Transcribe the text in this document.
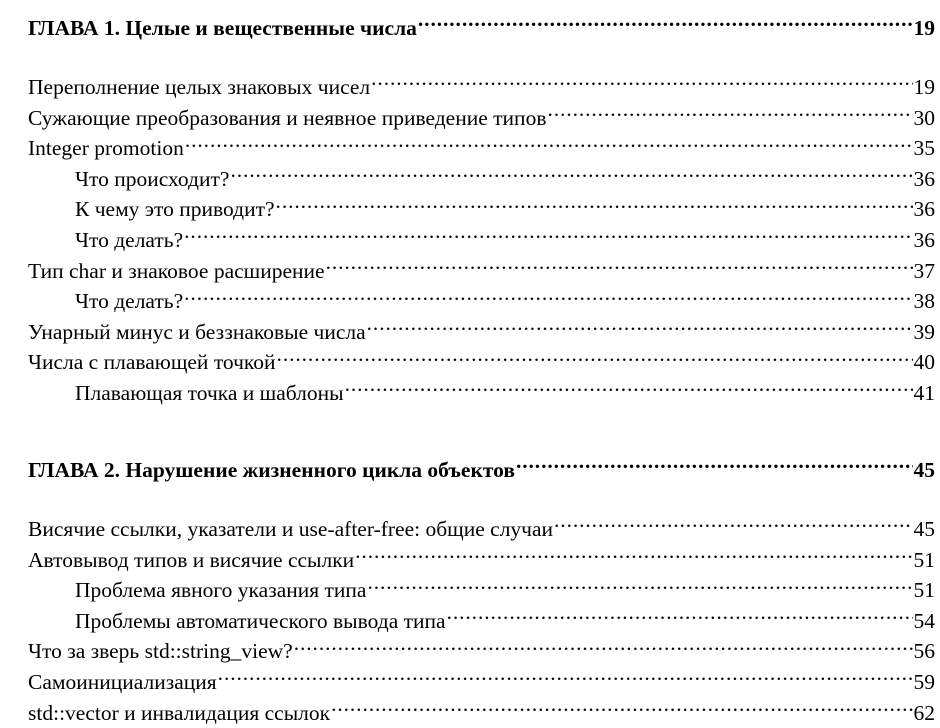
ГЛАВА 1. Целые и вещественные числа .....	19
Переполнение целых знаковых чисел .....	19
Сужающие преобразования и неявное приведение типов .....	30
Integer promotion .....	35
Что происходит? .....	36
К чему это приводит? .....	36
Что делать? .....	36
Тип char и знаковое расширение .....	37
Что делать? .....	38
Унарный минус и беззнаковые числа .....	39
Числа с плавающей точкой .....	40
Плавающая точка и шаблоны .....	41
ГЛАВА 2. Нарушение жизненного цикла объектов .....	45
Висячие ссылки, указатели и use-after-free: общие случаи .....	45
Автовывод типов и висячие ссылки .....	51
Проблема явного указания типа .....	51
Проблемы автоматического вывода типа .....	54
Что за зверь std::string_view? .....	56
Самоинициализация .....	59
std::vector и инвалидация ссылок .....	62
